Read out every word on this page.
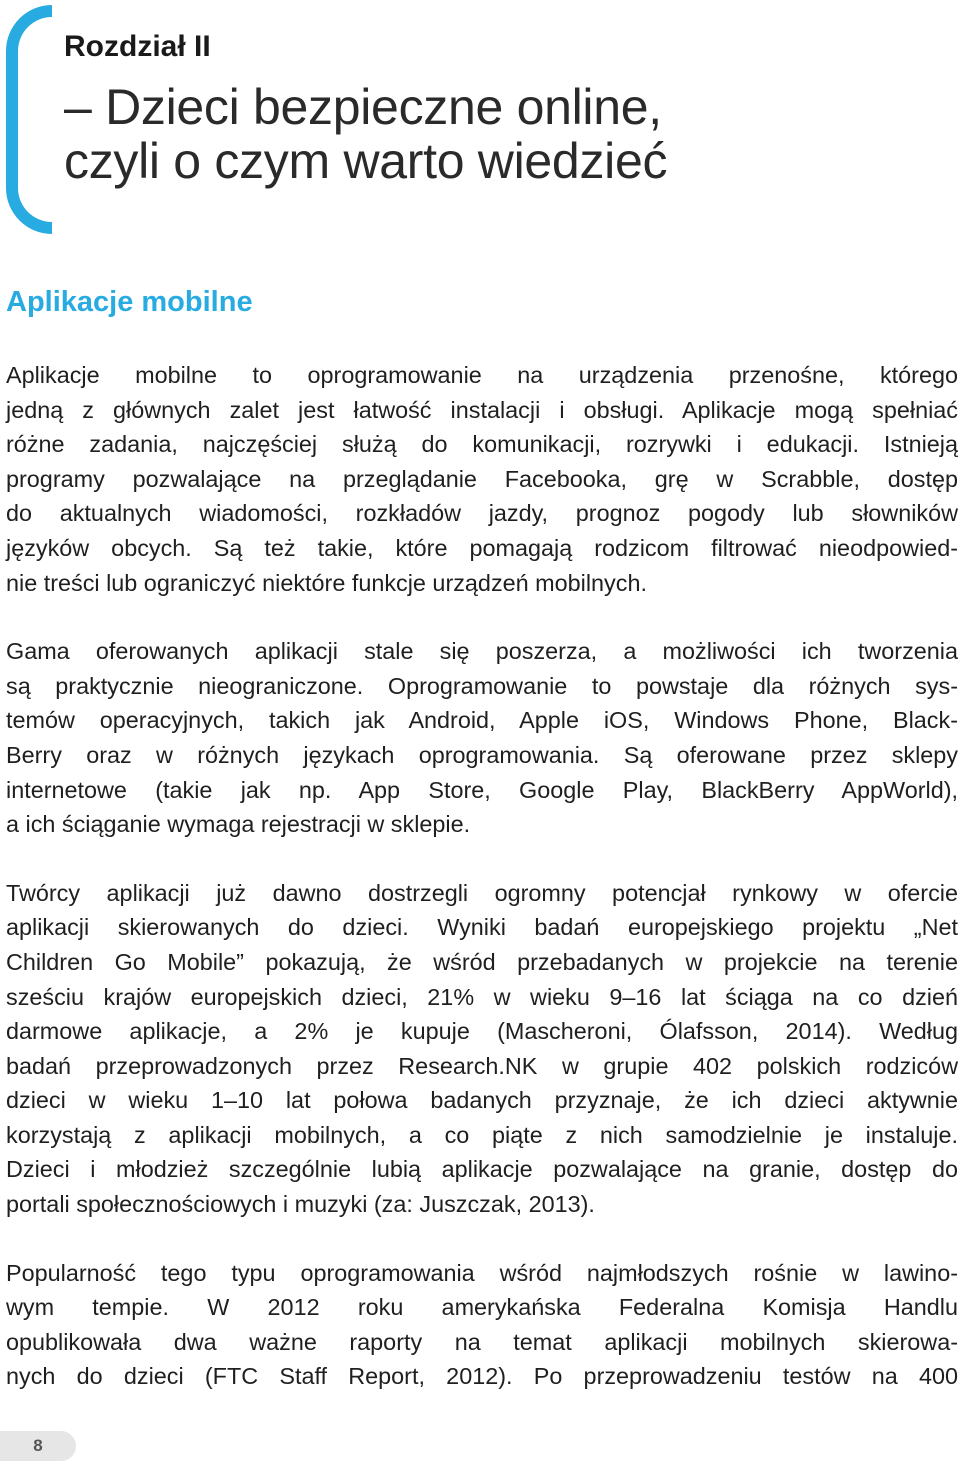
Rozdział II
– Dzieci bezpieczne online,
czyli o czym warto wiedzieć
Aplikacje mobilne

Aplikacje mobilne to oprogramowanie na urządzenia przenośne, którego
jedną z głównych zalet jest łatwość instalacji i obsługi. Aplikacje mogą spełniać
różne zadania, najczęściej służą do komunikacji, rozrywki i edukacji. Istnieją
programy pozwalające na przeglądanie Facebooka, grę w Scrabble, dostęp
do aktualnych wiadomości, rozkładów jazdy, prognoz pogody lub słowników
języków obcych. Są też takie, które pomagają rodzicom filtrować nieodpowied-
nie treści lub ograniczyć niektóre funkcje urządzeń mobilnych.

Gama oferowanych aplikacji stale się poszerza, a możliwości ich tworzenia
są praktycznie nieograniczone. Oprogramowanie to powstaje dla różnych sys-
temów operacyjnych, takich jak Android, Apple iOS, Windows Phone, Black-
Berry oraz w różnych językach oprogramowania. Są oferowane przez sklepy
internetowe (takie jak np. App Store, Google Play, BlackBerry AppWorld),
a ich ściąganie wymaga rejestracji w sklepie.

Twórcy aplikacji już dawno dostrzegli ogromny potencjał rynkowy w ofercie
aplikacji skierowanych do dzieci. Wyniki badań europejskiego projektu „Net
Children Go Mobile” pokazują, że wśród przebadanych w projekcie na terenie
sześciu krajów europejskich dzieci, 21% w wieku 9–16 lat ściąga na co dzień
darmowe aplikacje, a 2% je kupuje (Mascheroni, Ólafsson, 2014). Według
badań przeprowadzonych przez Research.NK w grupie 402 polskich rodziców
dzieci w wieku 1–10 lat połowa badanych przyznaje, że ich dzieci aktywnie
korzystają z aplikacji mobilnych, a co piąte z nich samodzielnie je instaluje.
Dzieci i młodzież szczególnie lubią aplikacje pozwalające na granie, dostęp do
portali społecznościowych i muzyki (za: Juszczak, 2013).

Popularność tego typu oprogramowania wśród najmłodszych rośnie w lawino-
wym tempie. W 2012 roku amerykańska Federalna Komisja Handlu
opublikowała dwa ważne raporty na temat aplikacji mobilnych skierowa-
nych do dzieci (FTC Staff Report, 2012). Po przeprowadzeniu testów na 400

8
